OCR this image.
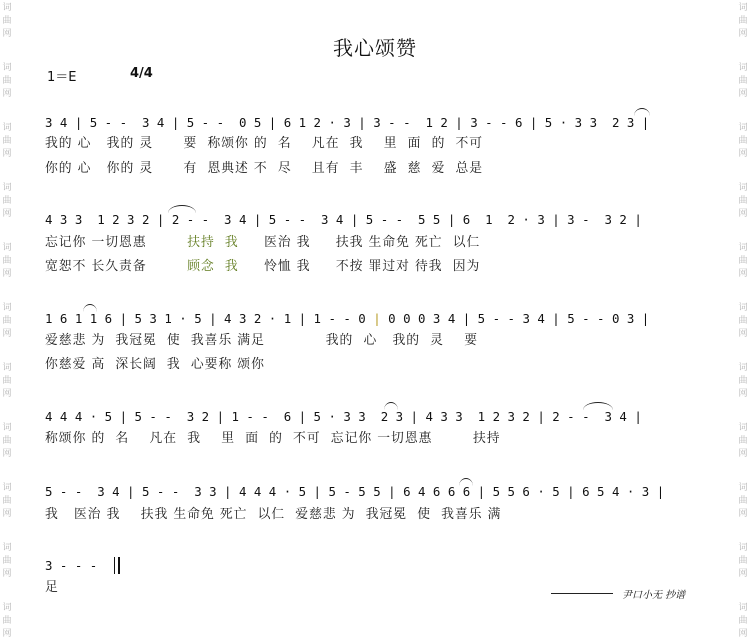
词
曲
网
词
曲
网
词
曲
网
词
曲
网
词
曲
网
词
曲
网
词
曲
网
词
曲
网
词
曲
网
词
曲
网
词
曲
网
词
曲
网
词
曲
网
词
曲
网
词
曲
网
词
曲
网
词
曲
网
词
曲
网
词
曲
网
词
曲
网
词
曲
网
词
曲
网
我心颂赞
1＝E	4/4
3 4 | 5 - -  3 4 | 5 - -  0 5 | 6 1 2 · 3 | 3 - -  1 2 | 3 - - 6 | 5 · 3 3  2 3 |
我的 心   我的 灵      要  称颂你 的  名    凡在  我    里  面  的  不可
你的 心   你的 灵      有  恩典述 不  尽    且有  丰    盛  慈  爱  总是
4 3 3  1 2 3 2 | 2 - -  3 4 | 5 - -  3 4 | 5 - -  5 5 | 6  1  2 · 3 | 3 -  3 2 |
忘记你 一切恩惠        扶持  我     医治 我     扶我 生命免 死亡  以仁
宽恕不 长久责备        顾念  我     怜恤 我     不按 罪过对 待我  因为
1 6 1 1 6 | 5 3 1 · 5 | 4 3 2 · 1 | 1 - - 0 | 0 0 0 3 4 | 5 - - 3 4 | 5 - - 0 3 |
爱慈悲 为  我冠冕  使  我喜乐 满足            我的  心   我的  灵    要
你慈爱 高  深长阔  我  心要称 颂你
4 4 4 · 5 | 5 - -  3 2 | 1 - -  6 | 5 · 3 3  2 3 | 4 3 3  1 2 3 2 | 2 - -  3 4 |
称颂你 的  名    凡在  我    里  面  的  不可  忘记你 一切恩惠        扶持
5 - -  3 4 | 5 - -  3 3 | 4 4 4 · 5 | 5 - 5 5 | 6 4 6 6 6 | 5 5 6 · 5 | 6 5 4 · 3 |
我   医治 我    扶我 生命免 死亡  以仁  爱慈悲 为  我冠冕  使  我喜乐 满
3 - - -
足
尹口小无 抄谱
